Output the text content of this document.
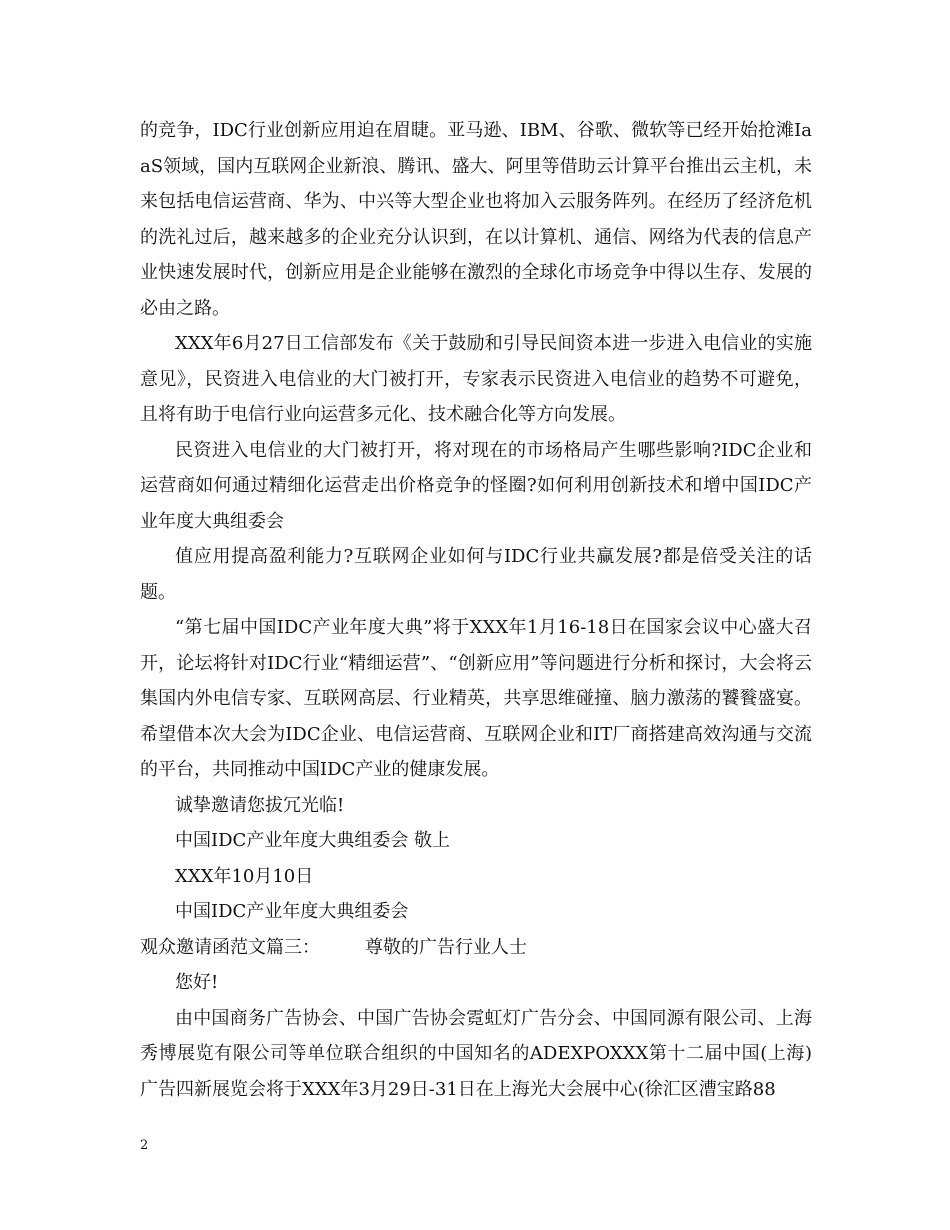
的竞争，IDC行业创新应用迫在眉睫。亚马逊、IBM、谷歌、微软等已经开始抢滩IaaS领域，国内互联网企业新浪、腾讯、盛大、阿里等借助云计算平台推出云主机，未来包括电信运营商、华为、中兴等大型企业也将加入云服务阵列。在经历了经济危机的洗礼过后，越来越多的企业充分认识到，在以计算机、通信、网络为代表的信息产业快速发展时代，创新应用是企业能够在激烈的全球化市场竞争中得以生存、发展的必由之路。

XXX年6月27日工信部发布《关于鼓励和引导民间资本进一步进入电信业的实施意见》，民资进入电信业的大门被打开，专家表示民资进入电信业的趋势不可避免，且将有助于电信行业向运营多元化、技术融合化等方向发展。

民资进入电信业的大门被打开，将对现在的市场格局产生哪些影响?IDC企业和运营商如何通过精细化运营走出价格竞争的怪圈?如何利用创新技术和增中国IDC产业年度大典组委会

值应用提高盈利能力?互联网企业如何与IDC行业共赢发展?都是倍受关注的话题。

“第七届中国IDC产业年度大典”将于XXX年1月16-18日在国家会议中心盛大召开，论坛将针对IDC行业“精细运营”、“创新应用”等问题进行分析和探讨，大会将云集国内外电信专家、互联网高层、行业精英，共享思维碰撞、脑力激荡的饕餮盛宴。希望借本次大会为IDC企业、电信运营商、互联网企业和IT厂商搭建高效沟通与交流的平台，共同推动中国IDC产业的健康发展。

诚挚邀请您拔冗光临!

中国IDC产业年度大典组委会 敬上

XXX年10月10日

中国IDC产业年度大典组委会

观众邀请函范文篇三：	尊敬的广告行业人士

您好!

由中国商务广告协会、中国广告协会霓虹灯广告分会、中国同源有限公司、上海秀博展览有限公司等单位联合组织的中国知名的ADEXPOXXX第十二届中国(上海)广告四新展览会将于XXX年3月29日-31日在上海光大会展中心(徐汇区漕宝路88

2
